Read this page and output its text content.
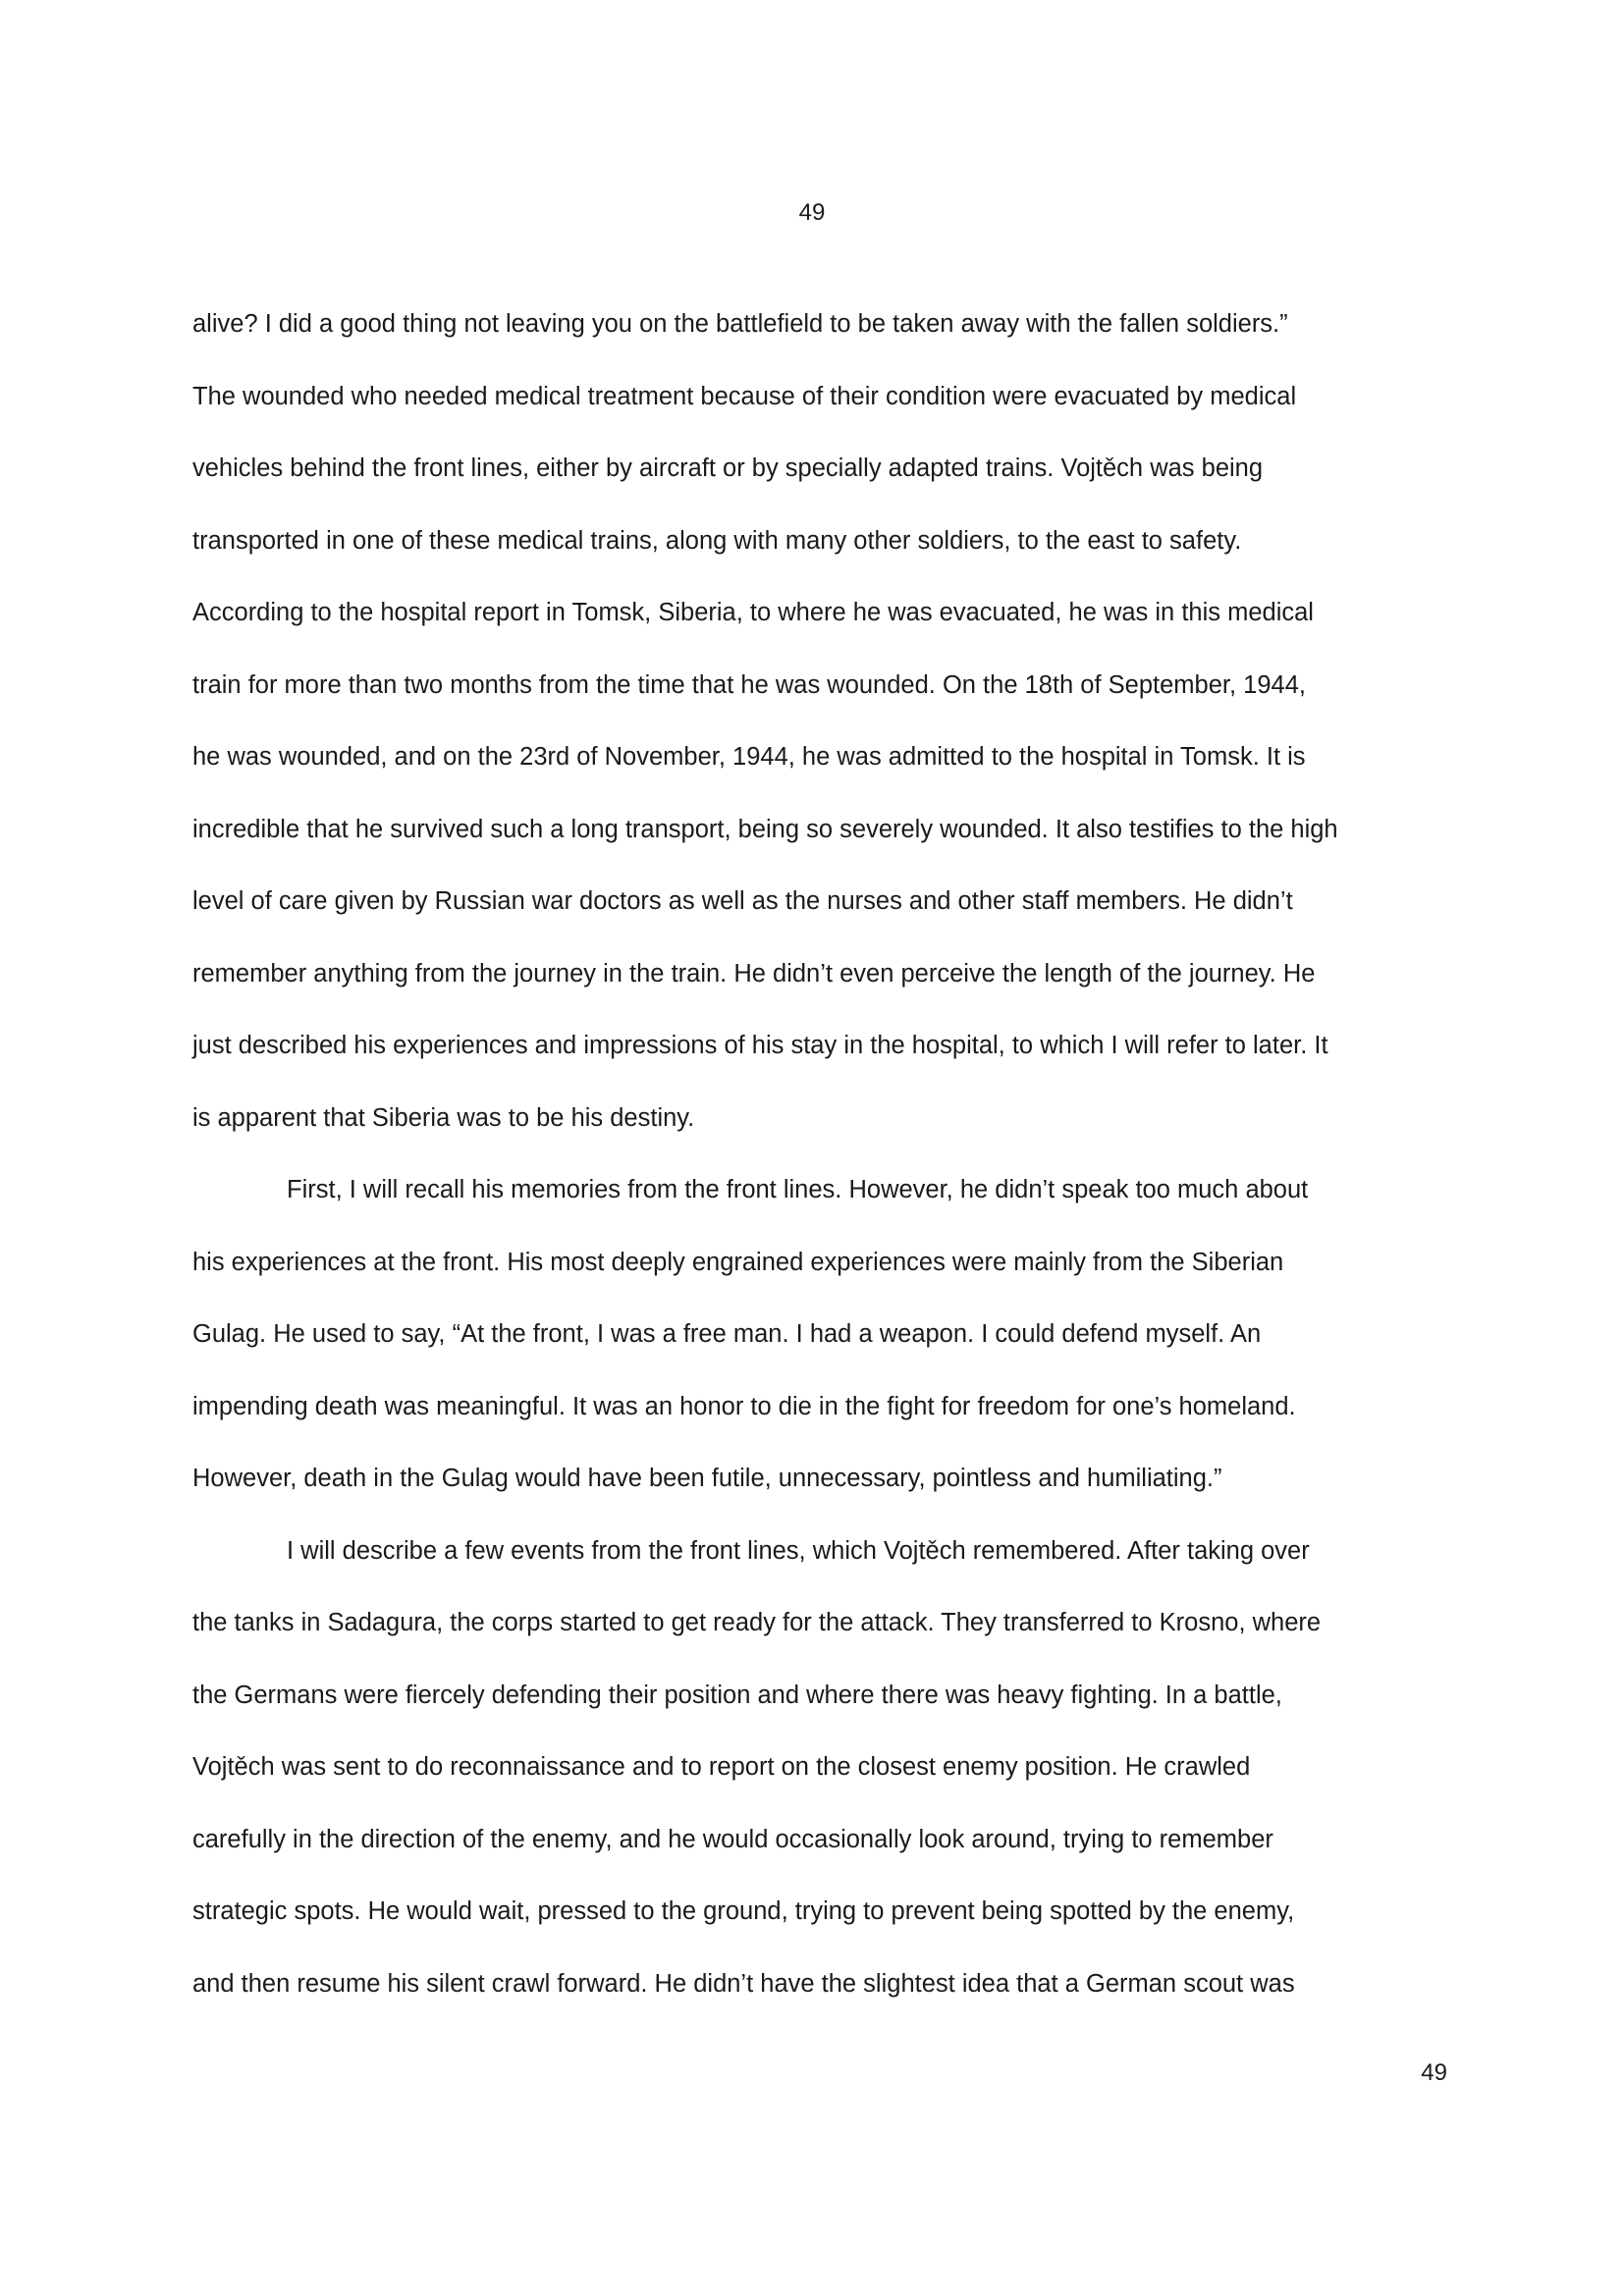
49
alive? I did a good thing not leaving you on the battlefield to be taken away with the fallen soldiers.”
The wounded who needed medical treatment because of their condition were evacuated by medical
vehicles behind the front lines, either by aircraft or by specially adapted trains. Vojtěch was being
transported in one of these medical trains, along with many other soldiers, to the east to safety.
According to the hospital report in Tomsk, Siberia, to where he was evacuated, he was in this medical
train for more than two months from the time that he was wounded. On the 18th of September, 1944,
he was wounded, and on the 23rd of November, 1944, he was admitted to the hospital in Tomsk. It is
incredible that he survived such a long transport, being so severely wounded. It also testifies to the high
level of care given by Russian war doctors as well as the nurses and other staff members. He didn’t
remember anything from the journey in the train. He didn’t even perceive the length of the journey. He
just described his experiences and impressions of his stay in the hospital, to which I will refer to later. It
is apparent that Siberia was to be his destiny.
First, I will recall his memories from the front lines. However, he didn’t speak too much about
his experiences at the front. His most deeply engrained experiences were mainly from the Siberian
Gulag. He used to say, “At the front, I was a free man. I had a weapon. I could defend myself. An
impending death was meaningful. It was an honor to die in the fight for freedom for one’s homeland.
However, death in the Gulag would have been futile, unnecessary, pointless and humiliating.”
I will describe a few events from the front lines, which Vojtěch remembered. After taking over
the tanks in Sadagura, the corps started to get ready for the attack. They transferred to Krosno, where
the Germans were fiercely defending their position and where there was heavy fighting. In a battle,
Vojtěch was sent to do reconnaissance and to report on the closest enemy position. He crawled
carefully in the direction of the enemy, and he would occasionally look around, trying to remember
strategic spots. He would wait, pressed to the ground, trying to prevent being spotted by the enemy,
and then resume his silent crawl forward. He didn’t have the slightest idea that a German scout was
49
